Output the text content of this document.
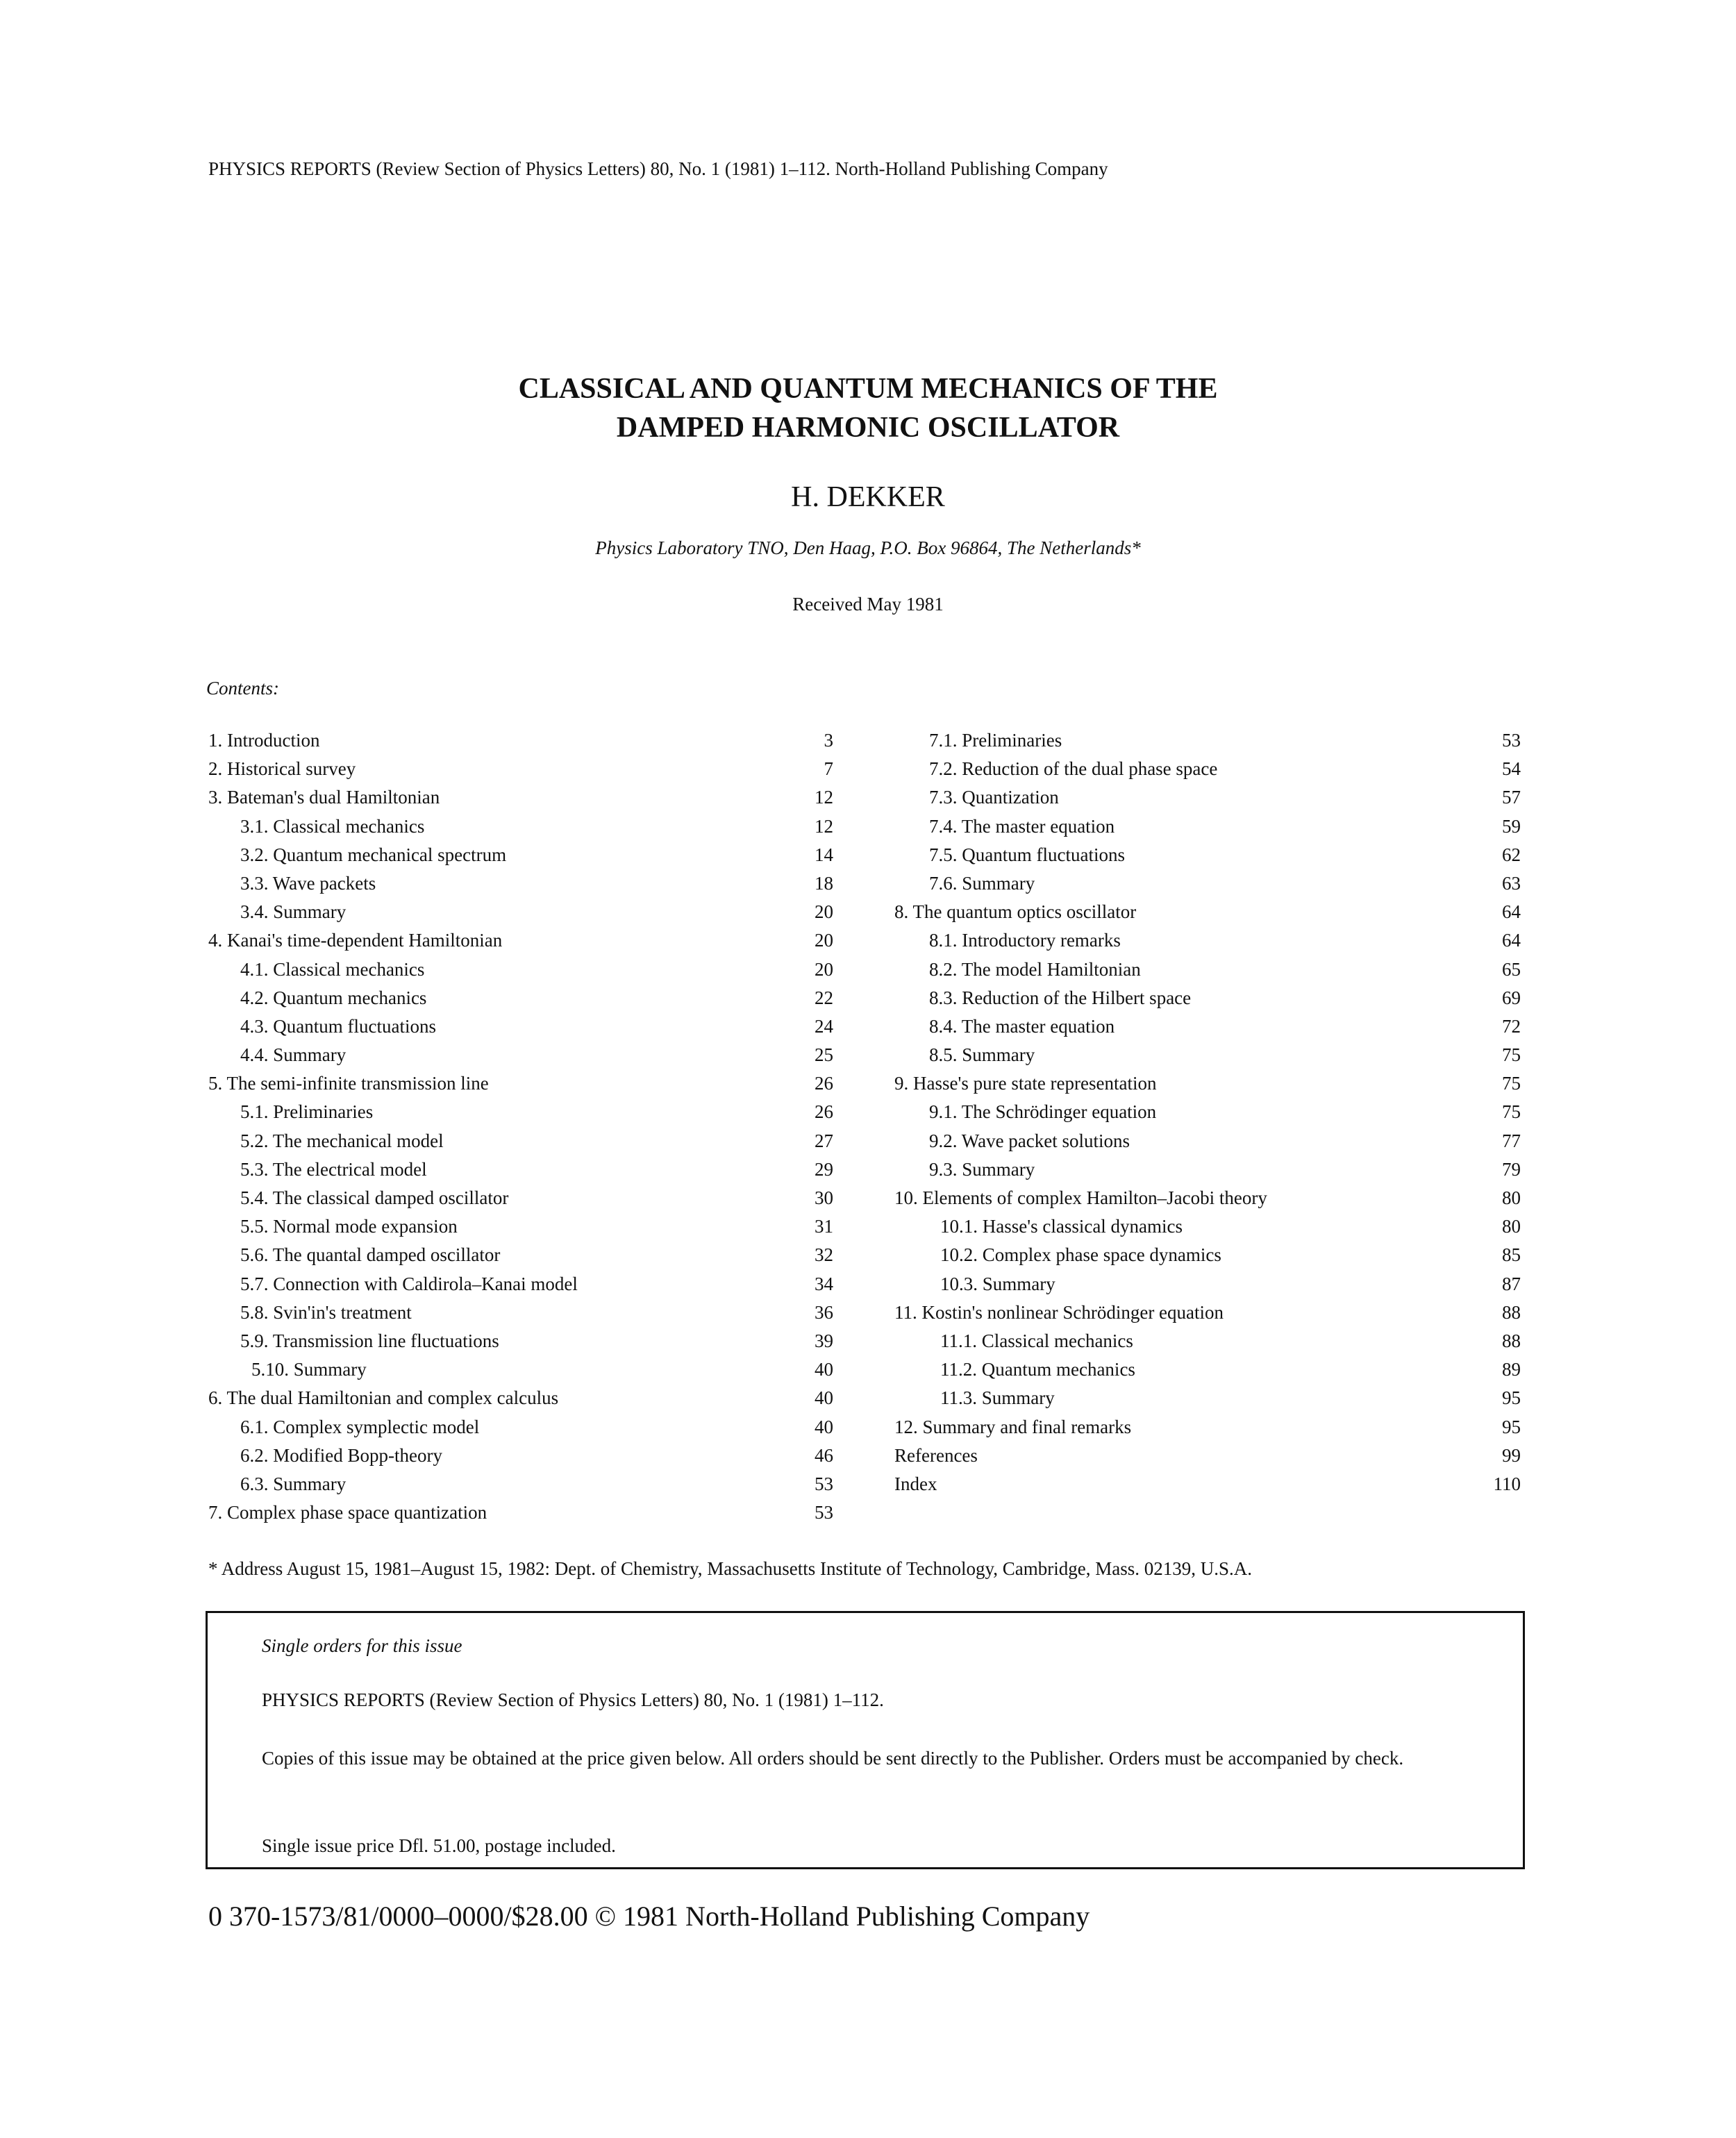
PHYSICS REPORTS (Review Section of Physics Letters) 80, No. 1 (1981) 1–112. North-Holland Publishing Company
CLASSICAL AND QUANTUM MECHANICS OF THE
DAMPED HARMONIC OSCILLATOR
H. DEKKER
Physics Laboratory TNO, Den Haag, P.O. Box 96864, The Netherlands*
Received May 1981
Contents:
1. Introduction	3
2. Historical survey	7
3. Bateman's dual Hamiltonian	12
3.1. Classical mechanics	12
3.2. Quantum mechanical spectrum	14
3.3. Wave packets	18
3.4. Summary	20
4. Kanai's time-dependent Hamiltonian	20
4.1. Classical mechanics	20
4.2. Quantum mechanics	22
4.3. Quantum fluctuations	24
4.4. Summary	25
5. The semi-infinite transmission line	26
5.1. Preliminaries	26
5.2. The mechanical model	27
5.3. The electrical model	29
5.4. The classical damped oscillator	30
5.5. Normal mode expansion	31
5.6. The quantal damped oscillator	32
5.7. Connection with Caldirola–Kanai model	34
5.8. Svin'in's treatment	36
5.9. Transmission line fluctuations	39
5.10. Summary	40
6. The dual Hamiltonian and complex calculus	40
6.1. Complex symplectic model	40
6.2. Modified Bopp-theory	46
6.3. Summary	53
7. Complex phase space quantization	53
7.1. Preliminaries	53
7.2. Reduction of the dual phase space	54
7.3. Quantization	57
7.4. The master equation	59
7.5. Quantum fluctuations	62
7.6. Summary	63
8. The quantum optics oscillator	64
8.1. Introductory remarks	64
8.2. The model Hamiltonian	65
8.3. Reduction of the Hilbert space	69
8.4. The master equation	72
8.5. Summary	75
9. Hasse's pure state representation	75
9.1. The Schrödinger equation	75
9.2. Wave packet solutions	77
9.3. Summary	79
10. Elements of complex Hamilton–Jacobi theory	80
10.1. Hasse's classical dynamics	80
10.2. Complex phase space dynamics	85
10.3. Summary	87
11. Kostin's nonlinear Schrödinger equation	88
11.1. Classical mechanics	88
11.2. Quantum mechanics	89
11.3. Summary	95
12. Summary and final remarks	95
References	99
Index	110
* Address August 15, 1981–August 15, 1982: Dept. of Chemistry, Massachusetts Institute of Technology, Cambridge, Mass. 02139, U.S.A.
Single orders for this issue
PHYSICS REPORTS (Review Section of Physics Letters) 80, No. 1 (1981) 1–112.
Copies of this issue may be obtained at the price given below. All orders should be sent directly to the Publisher. Orders must be accompanied by check.
Single issue price Dfl. 51.00, postage included.
0 370-1573/81/0000–0000/$28.00 © 1981 North-Holland Publishing Company
